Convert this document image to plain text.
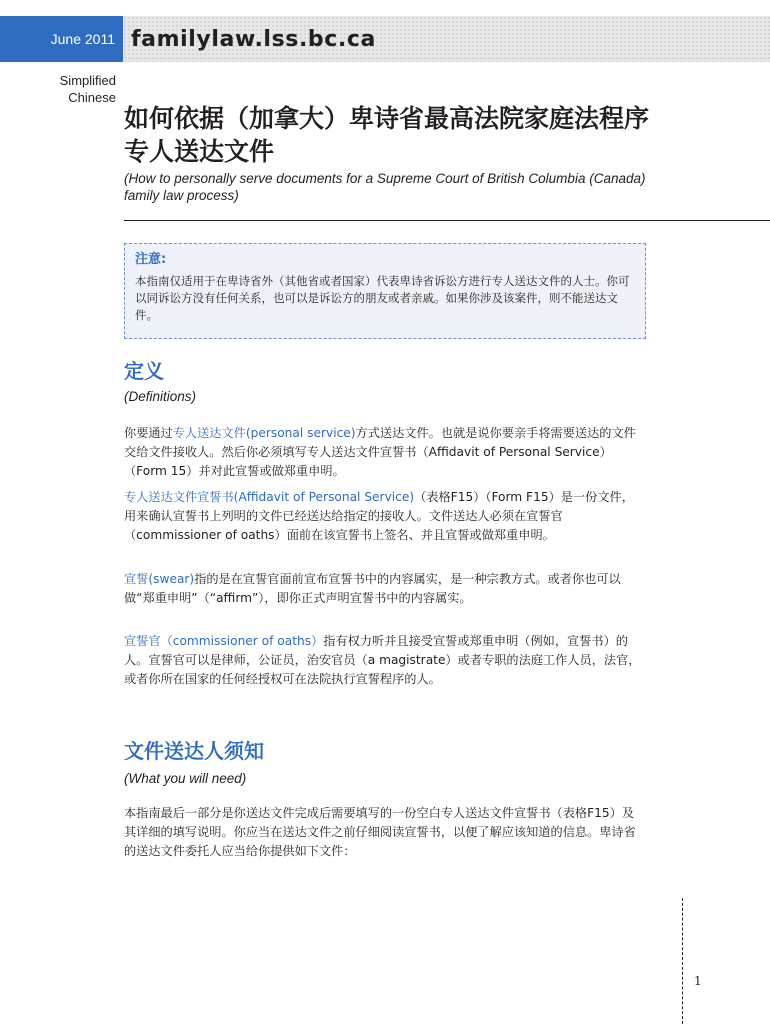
June 2011 familylaw.lss.bc.ca
Simplified
Chinese
如何依据（加拿大）卑诗省最高法院家庭法程序专人送达文件
(How to personally serve documents for a Supreme Court of British Columbia (Canada) family law process)
注意:
本指南仅适用于在卑诗省外（其他省或者国家）代表卑诗省诉讼方进行专人送达文件的人士。你可以同诉讼方没有任何关系，也可以是诉讼方的朋友或者亲戚。如果你涉及该案件，则不能送达文件。
定义
(Definitions)

你要通过专人送达文件(personal service)方式送达文件。也就是说你要亲手将需要送达的文件交给文件接收人。然后你必须填写专人送达文件宣誓书（Affidavit of Personal Service）（Form 15）并对此宣誓或做郑重申明。

专人送达文件宣誓书(Affidavit of Personal Service)（表格F15）（Form F15）是一份文件，用来确认宣誓书上列明的文件已经送达给指定的接收人。文件送达人必须在宣誓官（commissioner of oaths）面前在该宣誓书上签名、并且宣誓或做郑重申明。

宣誓(swear)指的是在宣誓官面前宣布宣誓书中的内容属实，是一种宗教方式。或者你也可以做“郑重申明”（“affirm”），即你正式声明宣誓书中的内容属实。

宣誓官（commissioner of oaths）指有权力听并且接受宣誓或郑重申明（例如，宣誓书）的人。宣誓官可以是律师，公证员，治安官员（a magistrate）或者专职的法庭工作人员，法官，或者你所在国家的任何经授权可在法院执行宣誓程序的人。

文件送达人须知
(What you will need)

本指南最后一部分是你送达文件完成后需要填写的一份空白专人送达文件宣誓书（表格F15）及其详细的填写说明。你应当在送达文件之前仔细阅读宣誓书，以便了解应该知道的信息。卑诗省的送达文件委托人应当给你提供如下文件：

1
